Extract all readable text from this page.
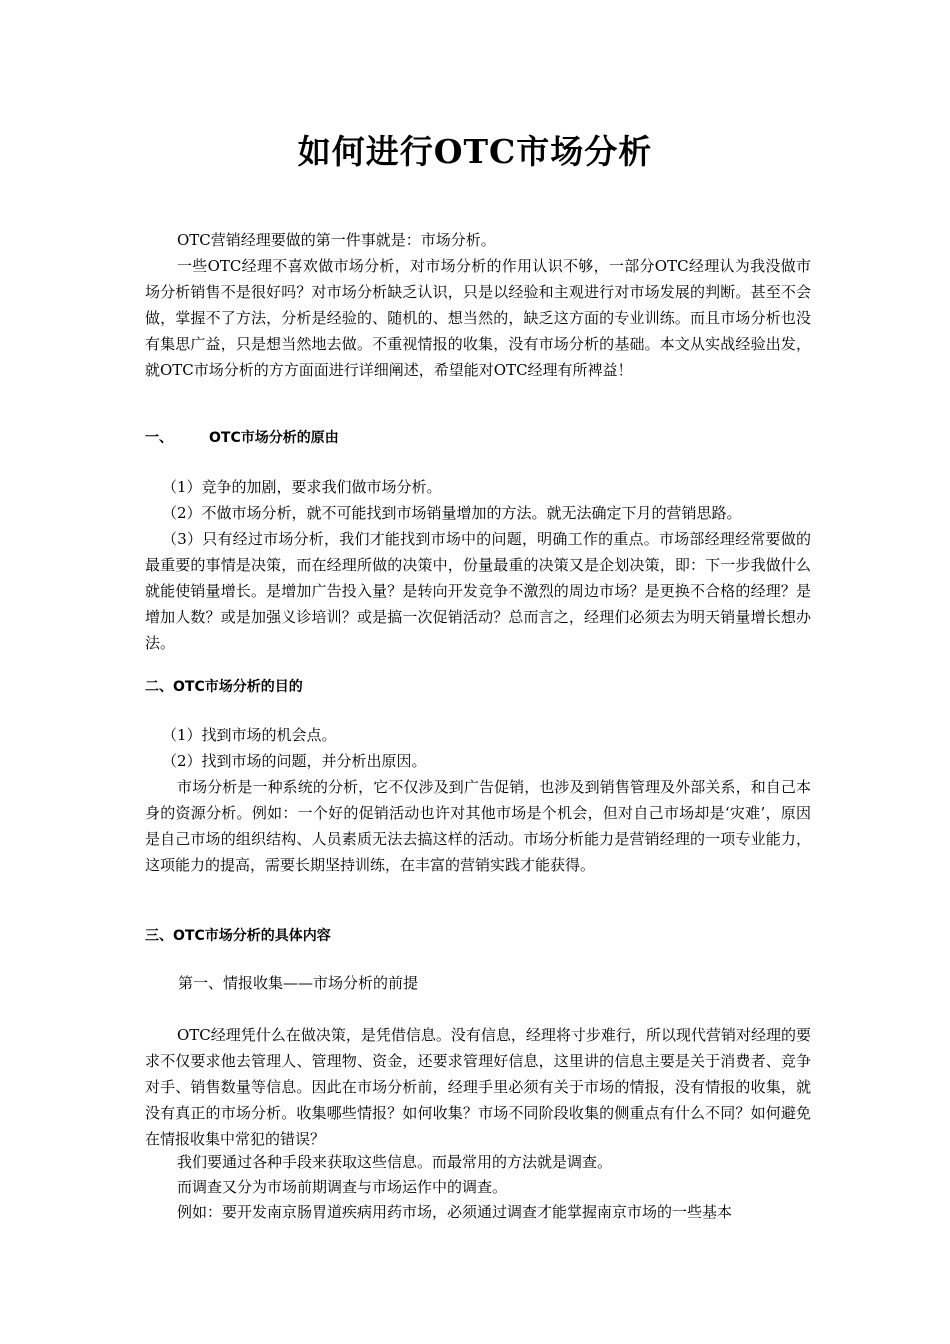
如何进行OTC市场分析

OTC营销经理要做的第一件事就是：市场分析。

一些OTC经理不喜欢做市场分析，对市场分析的作用认识不够，一部分OTC经理认为我没做市场分析销售不是很好吗？对市场分析缺乏认识，只是以经验和主观进行对市场发展的判断。甚至不会做，掌握不了方法，分析是经验的、随机的、想当然的，缺乏这方面的专业训练。而且市场分析也没有集思广益，只是想当然地去做。不重视情报的收集，没有市场分析的基础。本文从实战经验出发，就OTC市场分析的方方面面进行详细阐述，希望能对OTC经理有所裨益！

一、	OTC市场分析的原由

（1）竞争的加剧，要求我们做市场分析。

（2）不做市场分析，就不可能找到市场销量增加的方法。就无法确定下月的营销思路。

（3）只有经过市场分析，我们才能找到市场中的问题，明确工作的重点。市场部经理经常要做的最重要的事情是决策，而在经理所做的决策中，份量最重的决策又是企划决策，即：下一步我做什么就能使销量增长。是增加广告投入量？是转向开发竞争不激烈的周边市场？是更换不合格的经理？是增加人数？或是加强义诊培训？或是搞一次促销活动？总而言之，经理们必须去为明天销量增长想办法。

二、OTC市场分析的目的

（1）找到市场的机会点。

（2）找到市场的问题，并分析出原因。

市场分析是一种系统的分析，它不仅涉及到广告促销，也涉及到销售管理及外部关系，和自己本身的资源分析。例如：一个好的促销活动也许对其他市场是个机会，但对自己市场却是‘灾难’，原因是自己市场的组织结构、人员素质无法去搞这样的活动。市场分析能力是营销经理的一项专业能力，这项能力的提高，需要长期坚持训练，在丰富的营销实践才能获得。

三、OTC市场分析的具体内容
第一、情报收集——市场分析的前提

OTC经理凭什么在做决策，是凭借信息。没有信息，经理将寸步难行，所以现代营销对经理的要求不仅要求他去管理人、管理物、资金，还要求管理好信息，这里讲的信息主要是关于消费者、竞争对手、销售数量等信息。因此在市场分析前，经理手里必须有关于市场的情报，没有情报的收集，就没有真正的市场分析。收集哪些情报？如何收集？市场不同阶段收集的侧重点有什么不同？如何避免在情报收集中常犯的错误？

我们要通过各种手段来获取这些信息。而最常用的方法就是调查。

而调查又分为市场前期调查与市场运作中的调查。

例如：要开发南京肠胃道疾病用药市场，必须通过调查才能掌握南京市场的一些基本
